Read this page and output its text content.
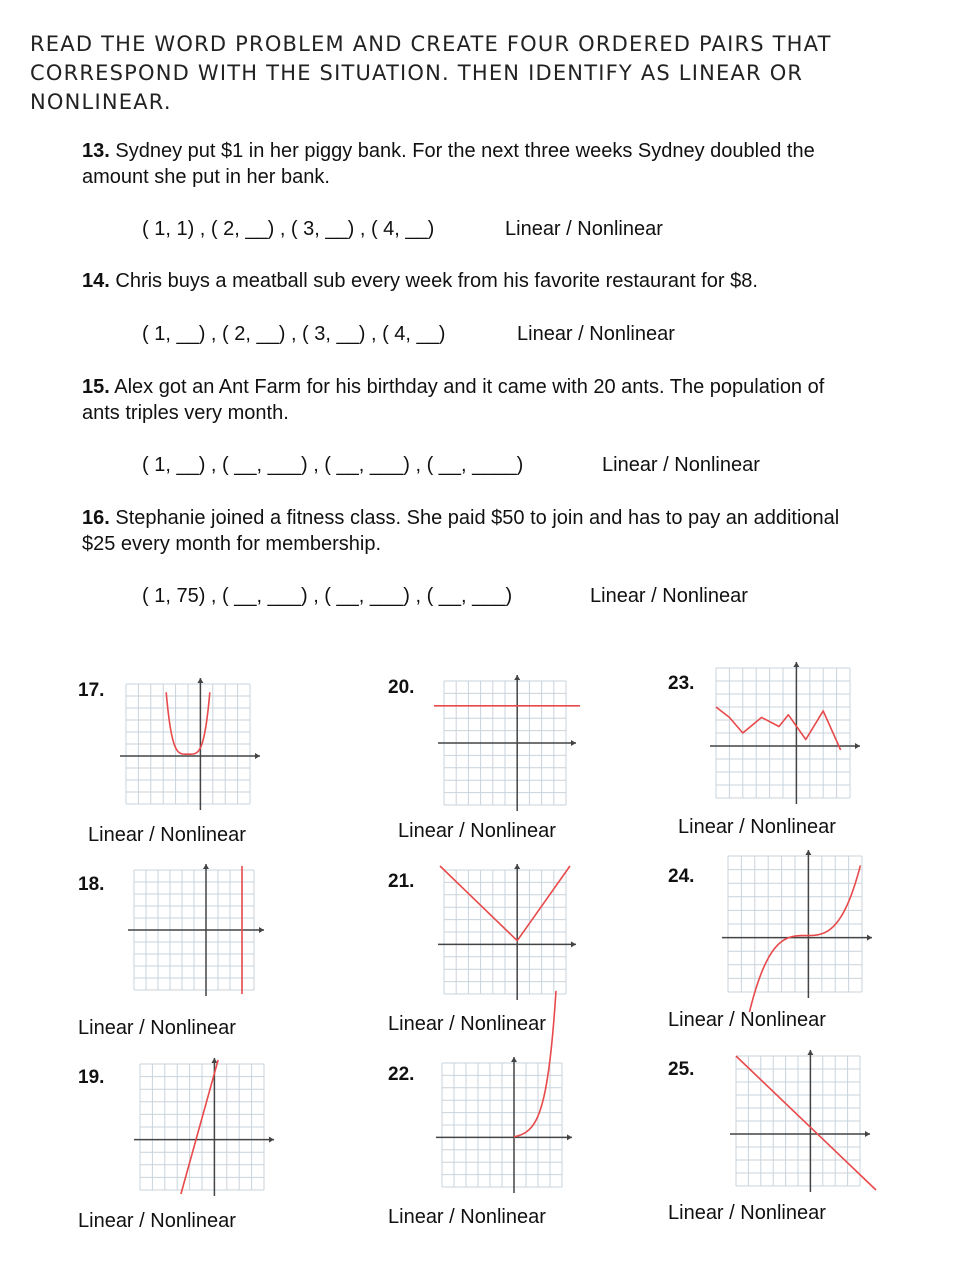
READ THE WORD PROBLEM AND CREATE FOUR ORDERED PAIRS THAT
CORRESPOND WITH THE SITUATION. THEN IDENTIFY AS LINEAR OR
NONLINEAR.
13. Sydney put $1 in her piggy bank. For the next three weeks Sydney doubled the
amount she put in her bank.
( 1, 1) , ( 2, __) , ( 3, __) , ( 4, __)	Linear / Nonlinear
14. Chris buys a meatball sub every week from his favorite restaurant for $8.
( 1, __) , ( 2, __) , ( 3, __) , ( 4, __)	Linear / Nonlinear
15. Alex got an Ant Farm for his birthday and it came with 20 ants. The population of
ants triples very month.
( 1, __) , ( __, ___) , ( __, ___) , ( __, ____)	Linear / Nonlinear
16. Stephanie joined a fitness class. She paid $50 to join and has to pay an additional
$25 every month for membership.
( 1, 75) , ( __, ___) , ( __, ___) , ( __, ___)	Linear / Nonlinear
17.
18.
19.
20.
21.
22.
23.
24.
25.
Linear / Nonlinear
Linear / Nonlinear
Linear / Nonlinear
Linear / Nonlinear
Linear / Nonlinear
Linear / Nonlinear
Linear / Nonlinear
Linear / Nonlinear
Linear / Nonlinear
